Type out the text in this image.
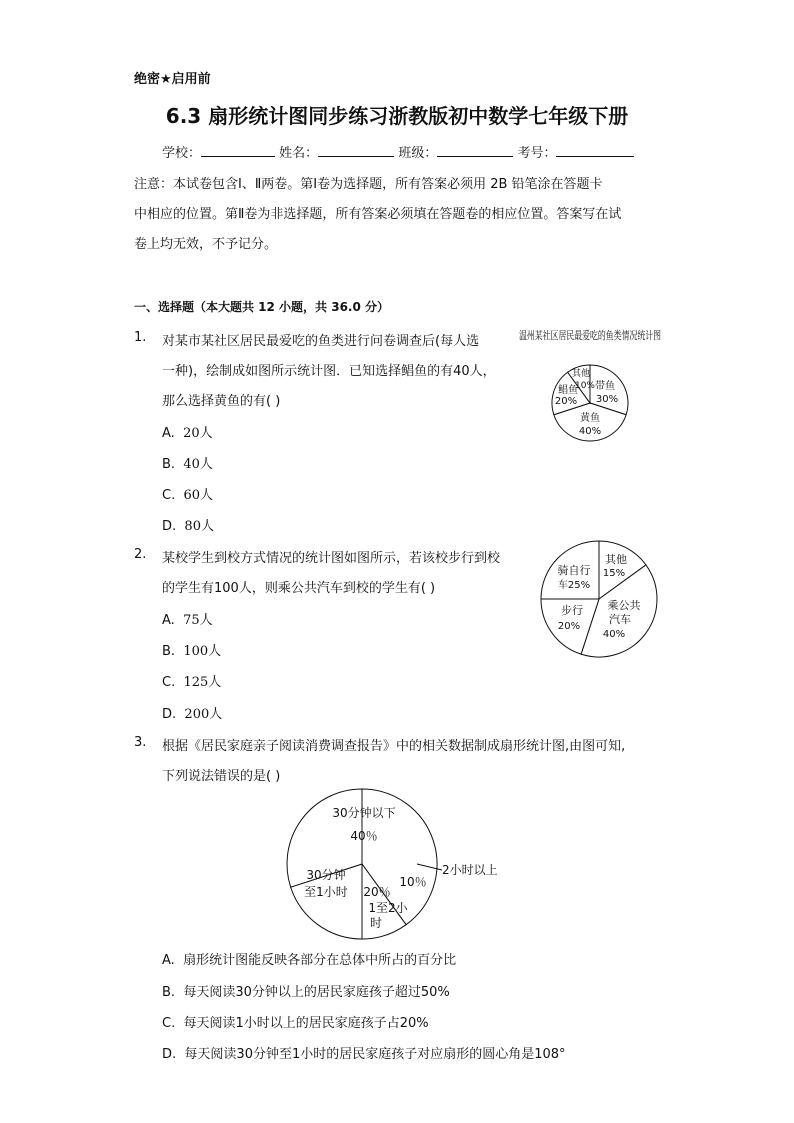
绝密★启用前
6.3 扇形统计图同步练习浙教版初中数学七年级下册
学校：	姓名：	班级：	考号：
注意：本试卷包含Ⅰ、Ⅱ两卷。第Ⅰ卷为选择题，所有答案必须用 2B 铅笔涂在答题卡
中相应的位置。第Ⅱ卷为非选择题，所有答案必须填在答题卷的相应位置。答案写在试
卷上均无效，不予记分。
一、选择题（本大题共 12 小题，共 36.0 分）
1. 对某市某社区居民最爱吃的鱼类进行问卷调查后(每人选
一种)，绘制成如图所示统计图．已知选择鲳鱼的有40人，
那么选择黄鱼的有( )
A. 20人
B. 40人
C. 60人
D. 80人
温州某社区居民最爱吃的鱼类情况统计图
带鱼
30%
黄鱼
40%
鲳鱼
20%
其他
10%
2. 某校学生到校方式情况的统计图如图所示，若该校步行到校
的学生有100人，则乘公共汽车到校的学生有( )
A. 75人
B. 100人
C. 125人
D. 200人
其他
15%
乘公共
汽车
40%
步行
20%
骑自行
车25%
3. 根据《居民家庭亲子阅读消费调查报告》中的相关数据制成扇形统计图,由图可知,
下列说法错误的是( )
30分钟以下
40％
2小时以上
10％
20％
1至2小
时
30分钟
至1小时
A. 扇形统计图能反映各部分在总体中所占的百分比
B. 每天阅读30分钟以上的居民家庭孩子超过50%
C. 每天阅读1小时以上的居民家庭孩子占20%
D. 每天阅读30分钟至1小时的居民家庭孩子对应扇形的圆心角是108°
